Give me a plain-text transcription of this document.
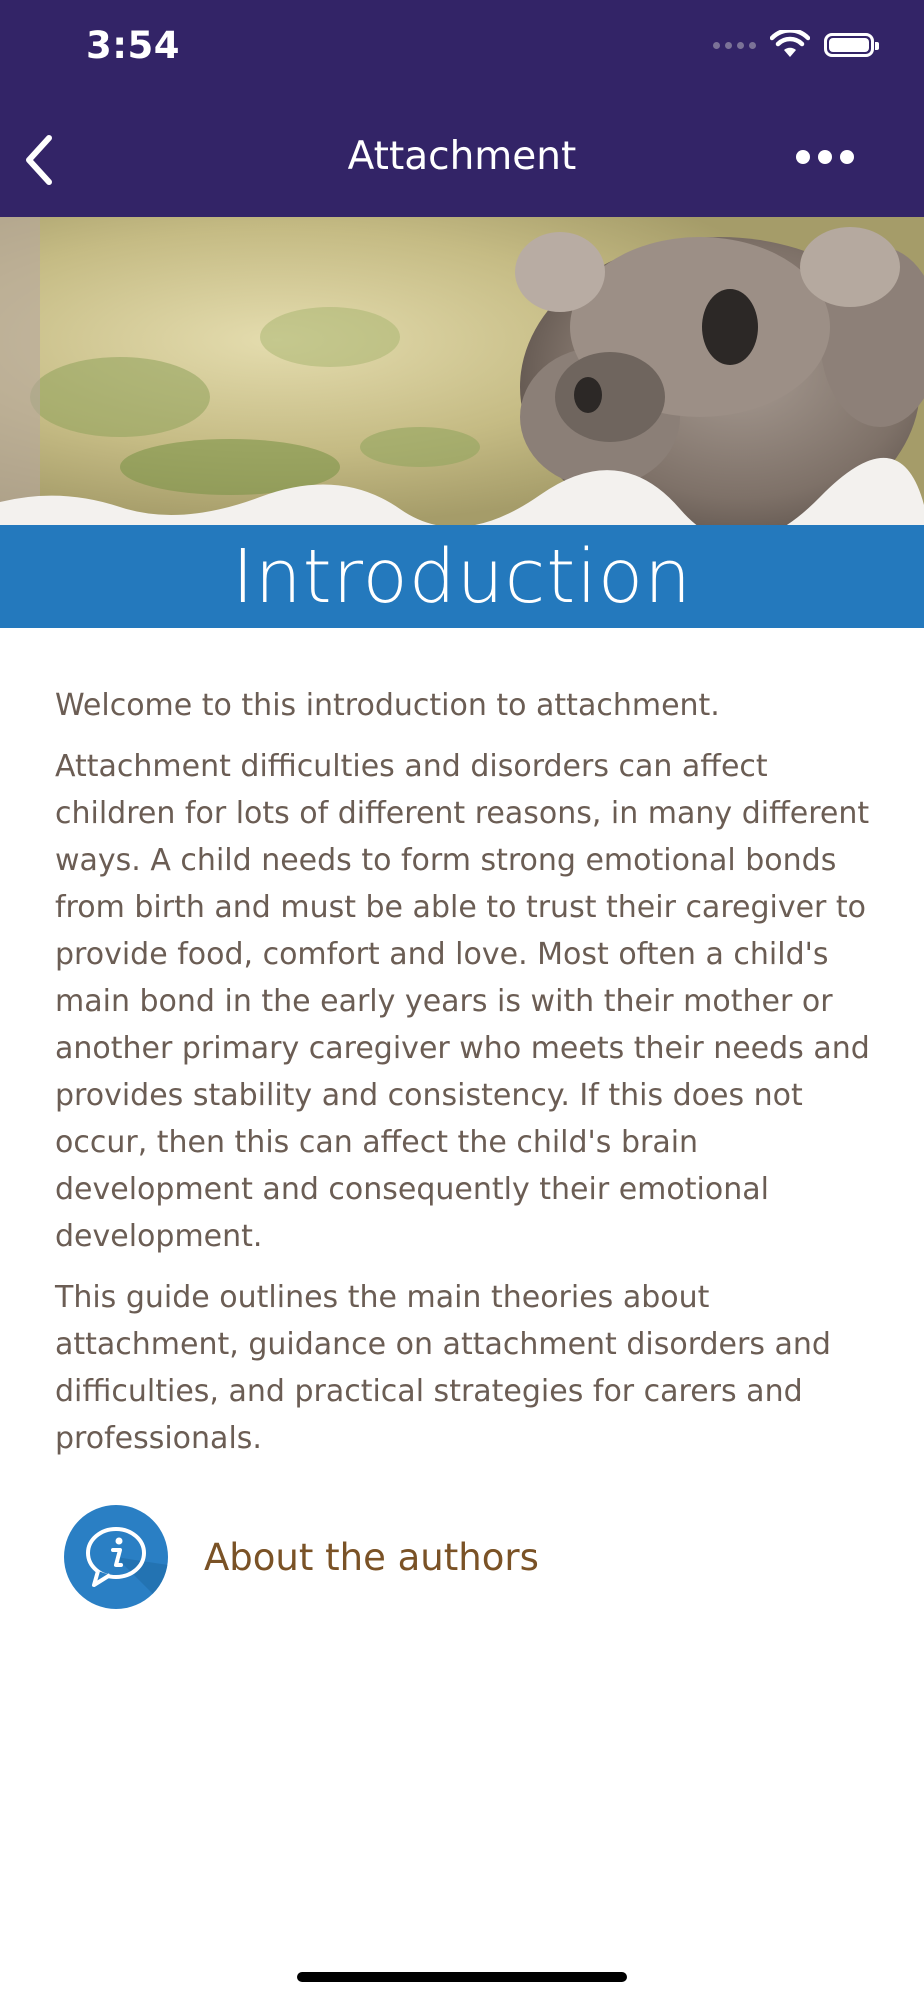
3:54
Attachment
Introduction

Welcome to this introduction to attachment.

Attachment difficulties and disorders can affect children for lots of different reasons, in many different ways. A child needs to form strong emotional bonds from birth and must be able to trust their caregiver to provide food, comfort and love. Most often a child's main bond in the early years is with their mother or another primary caregiver who meets their needs and provides stability and consistency. If this does not occur, then this can affect the child's brain development and consequently their emotional development.

This guide outlines the main theories about attachment, guidance on attachment disorders and difficulties, and practical strategies for carers and professionals.

About the authors
